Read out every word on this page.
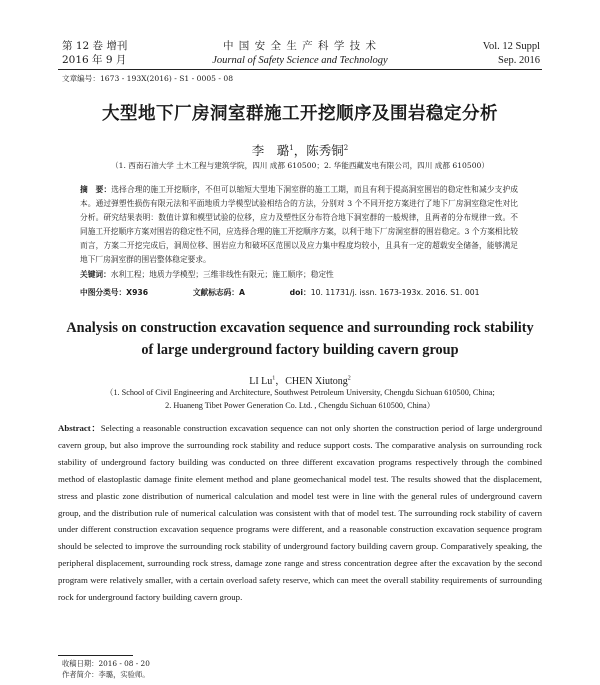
第 12 卷 增刊
2016 年 9 月
中 国 安 全 生 产 科 学 技 术
Journal of Safety Science and Technology
Vol. 12 Suppl
Sep. 2016
文章编号：1673 - 193X(2016) - S1 - 0005 - 08
大型地下厂房洞室群施工开挖顺序及围岩稳定分析
李　璐$^1$，陈秀铜$^2$
（1. 西南石油大学 土木工程与建筑学院，四川 成都 610500；2. 华能西藏发电有限公司，四川 成都 610500）
摘　要：选择合理的施工开挖顺序，不但可以缩短大型地下洞室群的施工工期，而且有利于提高洞室围岩的稳定性和减少支护成本。通过弹塑性损伤有限元法和平面地质力学模型试验相结合的方法，分别对 3 个不同开挖方案进行了地下厂房洞室稳定性对比分析。研究结果表明：数值计算和模型试验的位移，应力及塑性区分布符合地下洞室群的一般规律，且两者的分布规律一致。不同施工开挖顺序方案对围岩的稳定性不同，应选择合理的施工开挖顺序方案，以利于地下厂房洞室群的围岩稳定。3 个方案相比较而言，方案二开挖完成后，洞周位移、围岩应力和破坏区范围以及应力集中程度均较小，且具有一定的超载安全储备，能够满足地下厂房洞室群的围岩整体稳定要求。
关键词：水利工程；地质力学模型；三维非线性有限元；施工顺序；稳定性
中图分类号：X936	文献标志码：A	doi：10. 11731/j. issn. 1673-193x. 2016. S1. 001
Analysis on construction excavation sequence and surrounding rock stability
of large underground factory building cavern group
LI Lu$^1$，CHEN Xiutong$^2$
（1. School of Civil Engineering and Architecture, Southwest Petroleum University, Chengdu Sichuan 610500, China;
2. Huaneng Tibet Power Generation Co. Ltd. , Chengdu Sichuan 610500, China）
Abstract：Selecting a reasonable construction excavation sequence can not only shorten the construction period of large underground cavern group, but also improve the surrounding rock stability and reduce support costs. The comparative analysis on surrounding rock stability of underground factory building was conducted on three different excavation programs respectively through the combined method of elastoplastic damage finite element method and plane geomechanical model test. The results showed that the displacement, stress and plastic zone distribution of numerical calculation and model test were in line with the general rules of underground cavern group, and the distribution rule of numerical calculation was consistent with that of model test. The surrounding rock stability of cavern under different construction excavation sequence programs were different, and a reasonable construction excavation sequence program should be selected to improve the surrounding rock stability of underground factory building cavern group. Comparatively speaking, the peripheral displacement, surrounding rock stress, damage zone range and stress concentration degree after the excavation by the second program were relatively smaller, with a certain overload safety reserve, which can meet the overall stability requirements of surrounding rock for underground factory building cavern group.
收稿日期：2016 - 08 - 20
作者简介：李璐，实验师。
